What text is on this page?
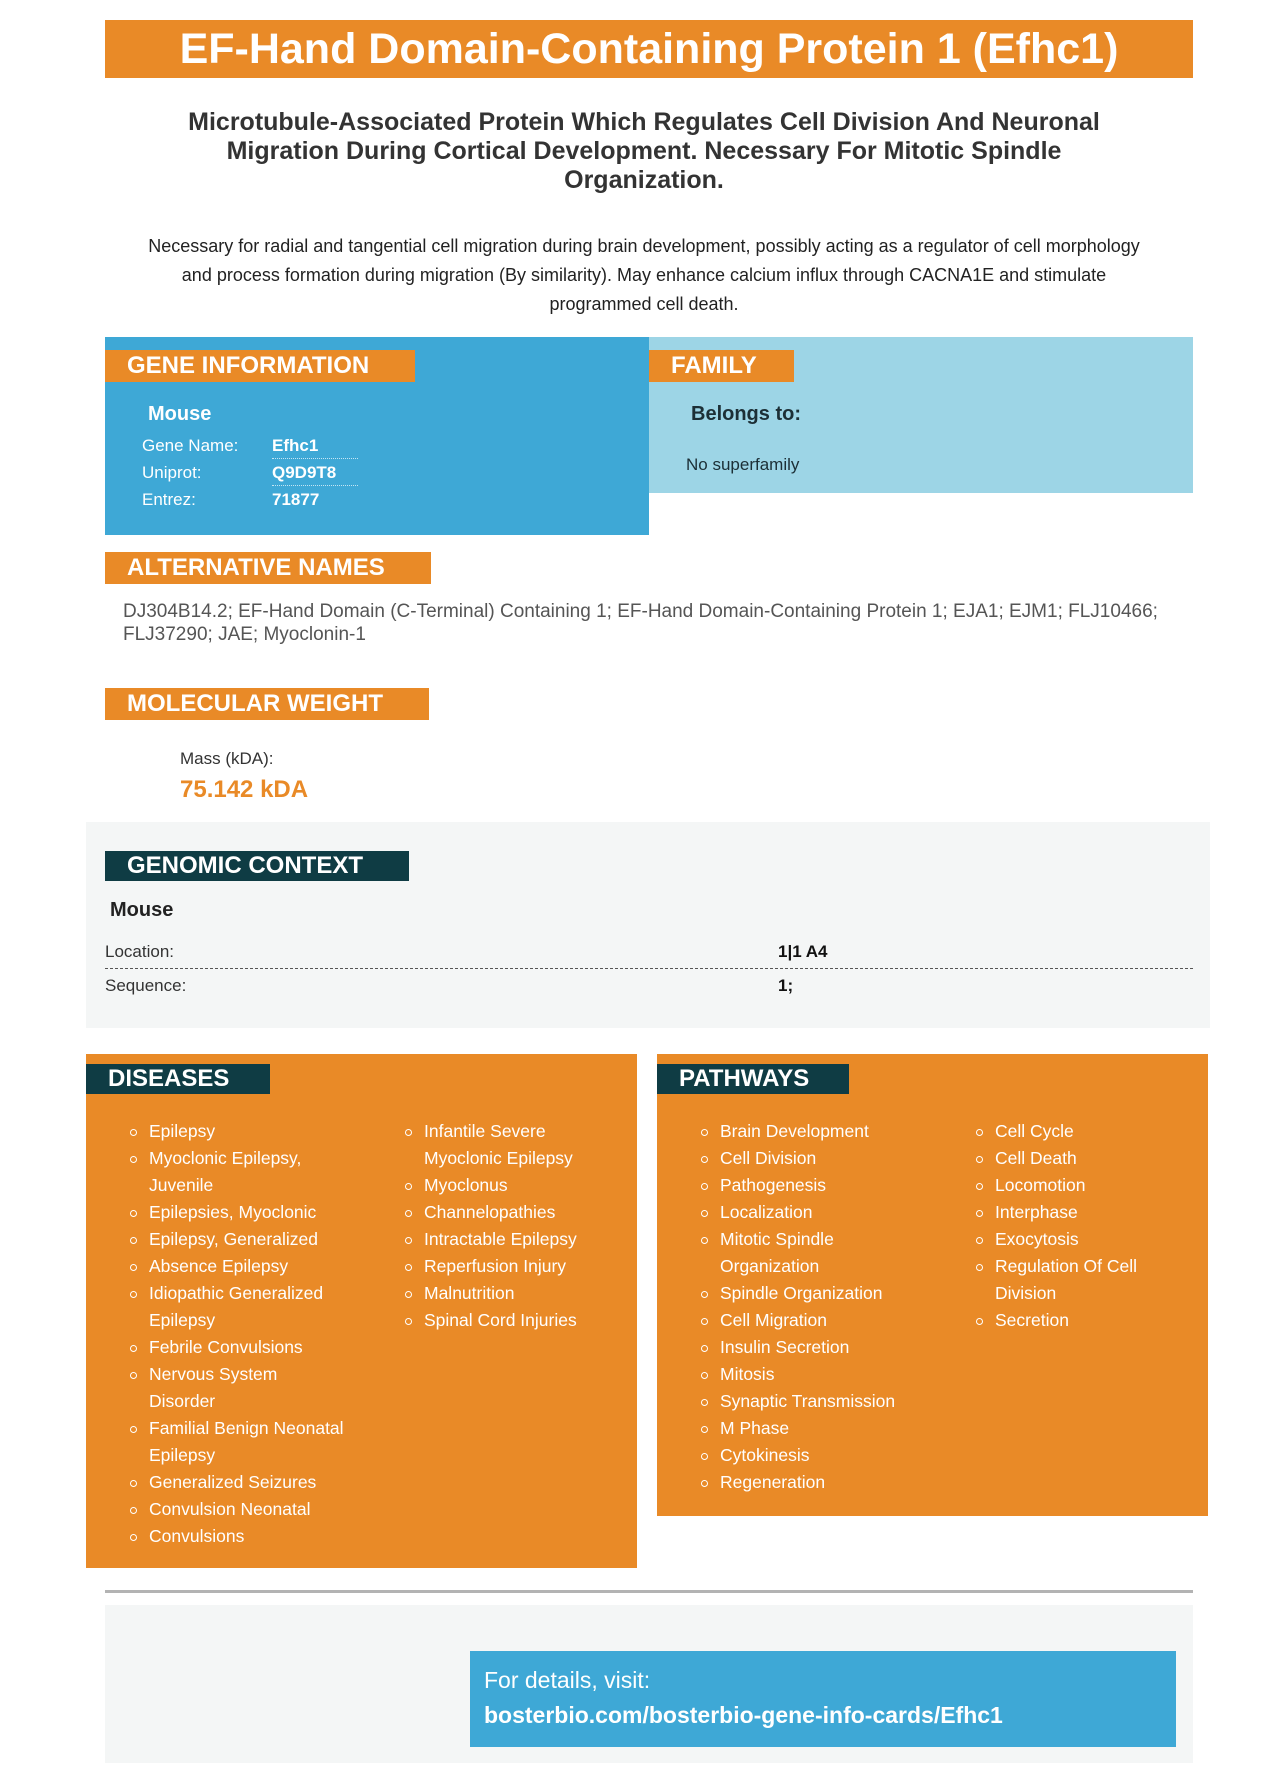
EF-Hand Domain-Containing Protein 1 (Efhc1)
Microtubule-Associated Protein Which Regulates Cell Division And Neuronal Migration During Cortical Development. Necessary For Mitotic Spindle Organization.
Necessary for radial and tangential cell migration during brain development, possibly acting as a regulator of cell morphology and process formation during migration (By similarity). May enhance calcium influx through CACNA1E and stimulate programmed cell death.
GENE INFORMATION
Mouse
Gene Name:	Efhc1
Uniprot:	Q9D9T8
Entrez:	71877
FAMILY
Belongs to:
No superfamily
ALTERNATIVE NAMES
DJ304B14.2; EF-Hand Domain (C-Terminal) Containing 1; EF-Hand Domain-Containing Protein 1; EJA1; EJM1; FLJ10466; FLJ37290; JAE; Myoclonin-1
MOLECULAR WEIGHT
Mass (kDA):
75.142 kDA
GENOMIC CONTEXT
Mouse
Location:	1|1 A4
Sequence:	1;
DISEASES
Epilepsy
Myoclonic Epilepsy, Juvenile
Epilepsies, Myoclonic
Epilepsy, Generalized
Absence Epilepsy
Idiopathic Generalized Epilepsy
Febrile Convulsions
Nervous System Disorder
Familial Benign Neonatal Epilepsy
Generalized Seizures
Convulsion Neonatal
Convulsions
Infantile Severe Myoclonic Epilepsy
Myoclonus
Channelopathies
Intractable Epilepsy
Reperfusion Injury
Malnutrition
Spinal Cord Injuries
PATHWAYS
Brain Development
Cell Division
Pathogenesis
Localization
Mitotic Spindle Organization
Spindle Organization
Cell Migration
Insulin Secretion
Mitosis
Synaptic Transmission
M Phase
Cytokinesis
Regeneration
Cell Cycle
Cell Death
Locomotion
Interphase
Exocytosis
Regulation Of Cell Division
Secretion
For details, visit:
bosterbio.com/bosterbio-gene-info-cards/Efhc1
